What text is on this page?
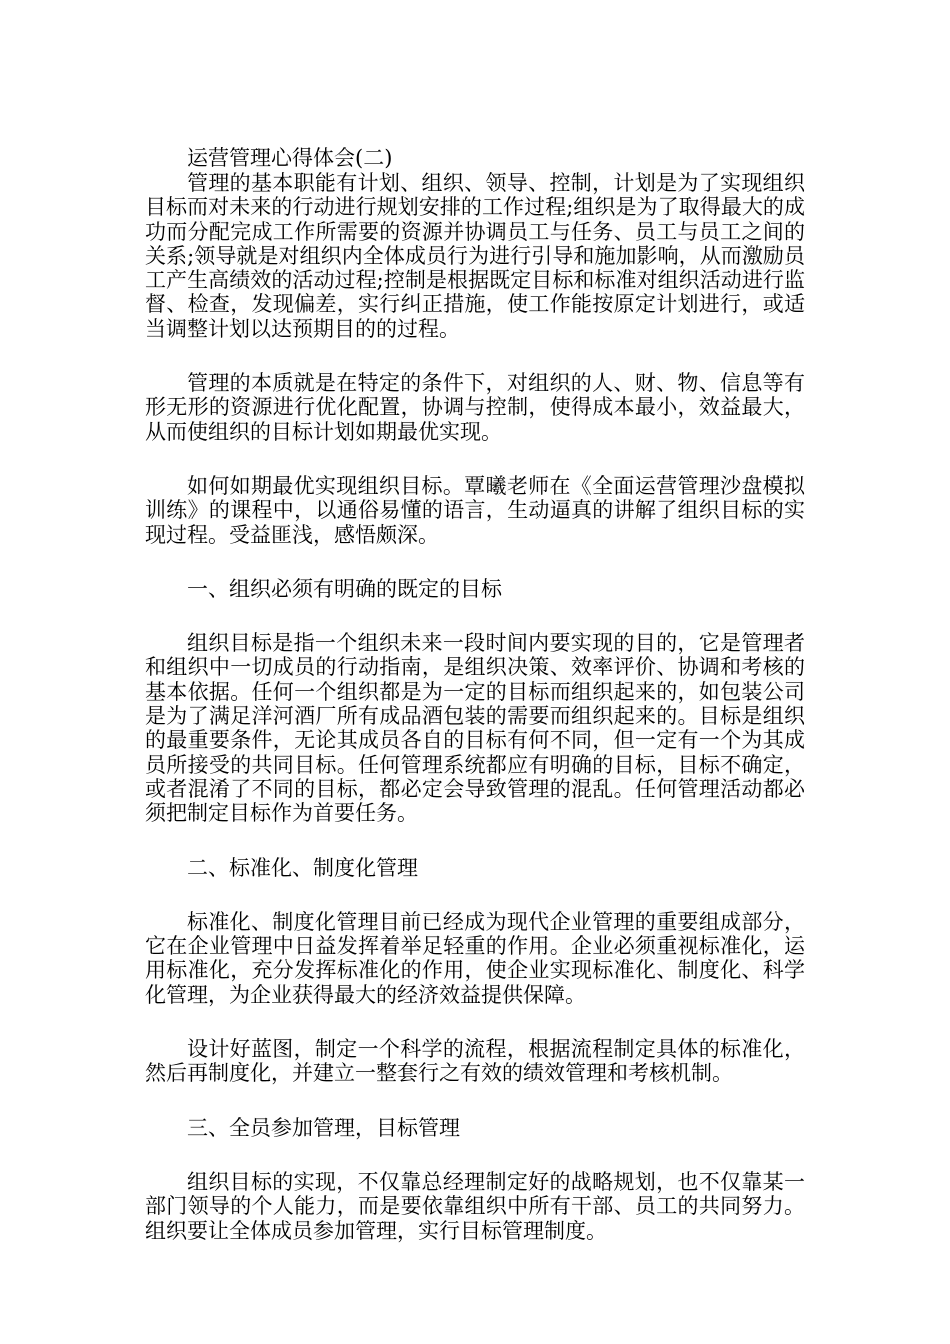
运营管理心得体会(二)

管理的基本职能有计划、组织、领导、控制，计划是为了实现组织目标而对未来的行动进行规划安排的工作过程;组织是为了取得最大的成功而分配完成工作所需要的资源并协调员工与任务、员工与员工之间的关系;领导就是对组织内全体成员行为进行引导和施加影响，从而激励员工产生高绩效的活动过程;控制是根据既定目标和标准对组织活动进行监督、检查，发现偏差，实行纠正措施，使工作能按原定计划进行，或适当调整计划以达预期目的的过程。

管理的本质就是在特定的条件下，对组织的人、财、物、信息等有形无形的资源进行优化配置，协调与控制，使得成本最小，效益最大，从而使组织的目标计划如期最优实现。

如何如期最优实现组织目标。覃曦老师在《全面运营管理沙盘模拟训练》的课程中，以通俗易懂的语言，生动逼真的讲解了组织目标的实现过程。受益匪浅，感悟颇深。

一、组织必须有明确的既定的目标

组织目标是指一个组织未来一段时间内要实现的目的，它是管理者和组织中一切成员的行动指南，是组织决策、效率评价、协调和考核的基本依据。任何一个组织都是为一定的目标而组织起来的，如包装公司是为了满足洋河酒厂所有成品酒包装的需要而组织起来的。目标是组织的最重要条件，无论其成员各自的目标有何不同，但一定有一个为其成员所接受的共同目标。任何管理系统都应有明确的目标，目标不确定，或者混淆了不同的目标，都必定会导致管理的混乱。任何管理活动都必须把制定目标作为首要任务。

二、标准化、制度化管理

标准化、制度化管理目前已经成为现代企业管理的重要组成部分，它在企业管理中日益发挥着举足轻重的作用。企业必须重视标准化，运用标准化，充分发挥标准化的作用，使企业实现标准化、制度化、科学化管理，为企业获得最大的经济效益提供保障。

设计好蓝图，制定一个科学的流程，根据流程制定具体的标准化，然后再制度化，并建立一整套行之有效的绩效管理和考核机制。

三、全员参加管理，目标管理

组织目标的实现，不仅靠总经理制定好的战略规划，也不仅靠某一部门领导的个人能力，而是要依靠组织中所有干部、员工的共同努力。组织要让全体成员参加管理，实行目标管理制度。
